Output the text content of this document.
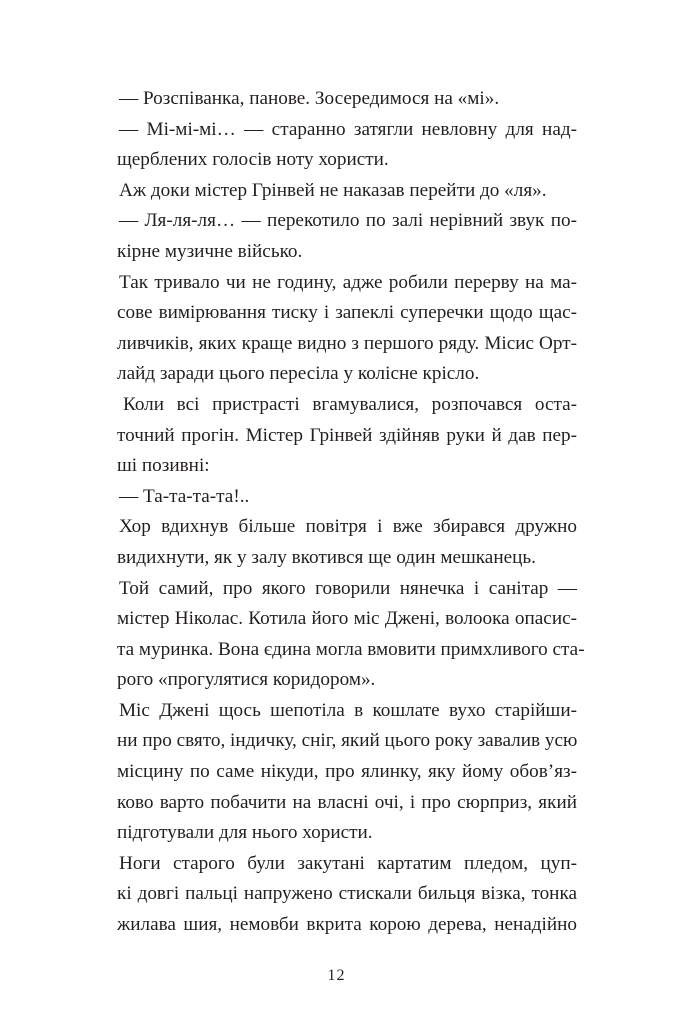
— Розспіванка, панове. Зосередимося на «мі».
— Мі-мі-мі… — старанно затягли невловну для над-
щерблених голосів ноту хористи.
Аж доки містер Грінвей не наказав перейти до «ля».
— Ля-ля-ля… — перекотило по залі нерівний звук по-
кірне музичне військо.
Так тривало чи не годину, адже робили перерву на ма-
сове вимірювання тиску і запеклі суперечки щодо щас-
ливчиків, яких краще видно з першого ряду. Місис Орт-
лайд заради цього пересіла у колісне крісло.
Коли всі пристрасті вгамувалися, розпочався оста-
точний прогін. Містер Грінвей здійняв руки й дав пер-
ші позивні:
— Та-та-та-та!..
Хор вдихнув більше повітря і вже збирався дружно
видихнути, як у залу вкотився ще один мешканець.
Той самий, про якого говорили нянечка і санітар —
містер Ніколас. Котила його міс Джені, волоока опасис-
та муринка. Вона єдина могла вмовити примхливого ста-
рого «прогулятися коридором».
Міс Джені щось шепотіла в кошлате вухо старійши-
ни про свято, індичку, сніг, який цього року завалив усю
місцину по саме нікуди, про ялинку, яку йому обов’яз-
ково варто побачити на власні очі, і про сюрприз, який
підготували для нього хористи.
Ноги старого були закутані картатим пледом, цуп-
кі довгі пальці напружено стискали бильця візка, тонка
жилава шия, немовби вкрита корою дерева, ненадійно
12
